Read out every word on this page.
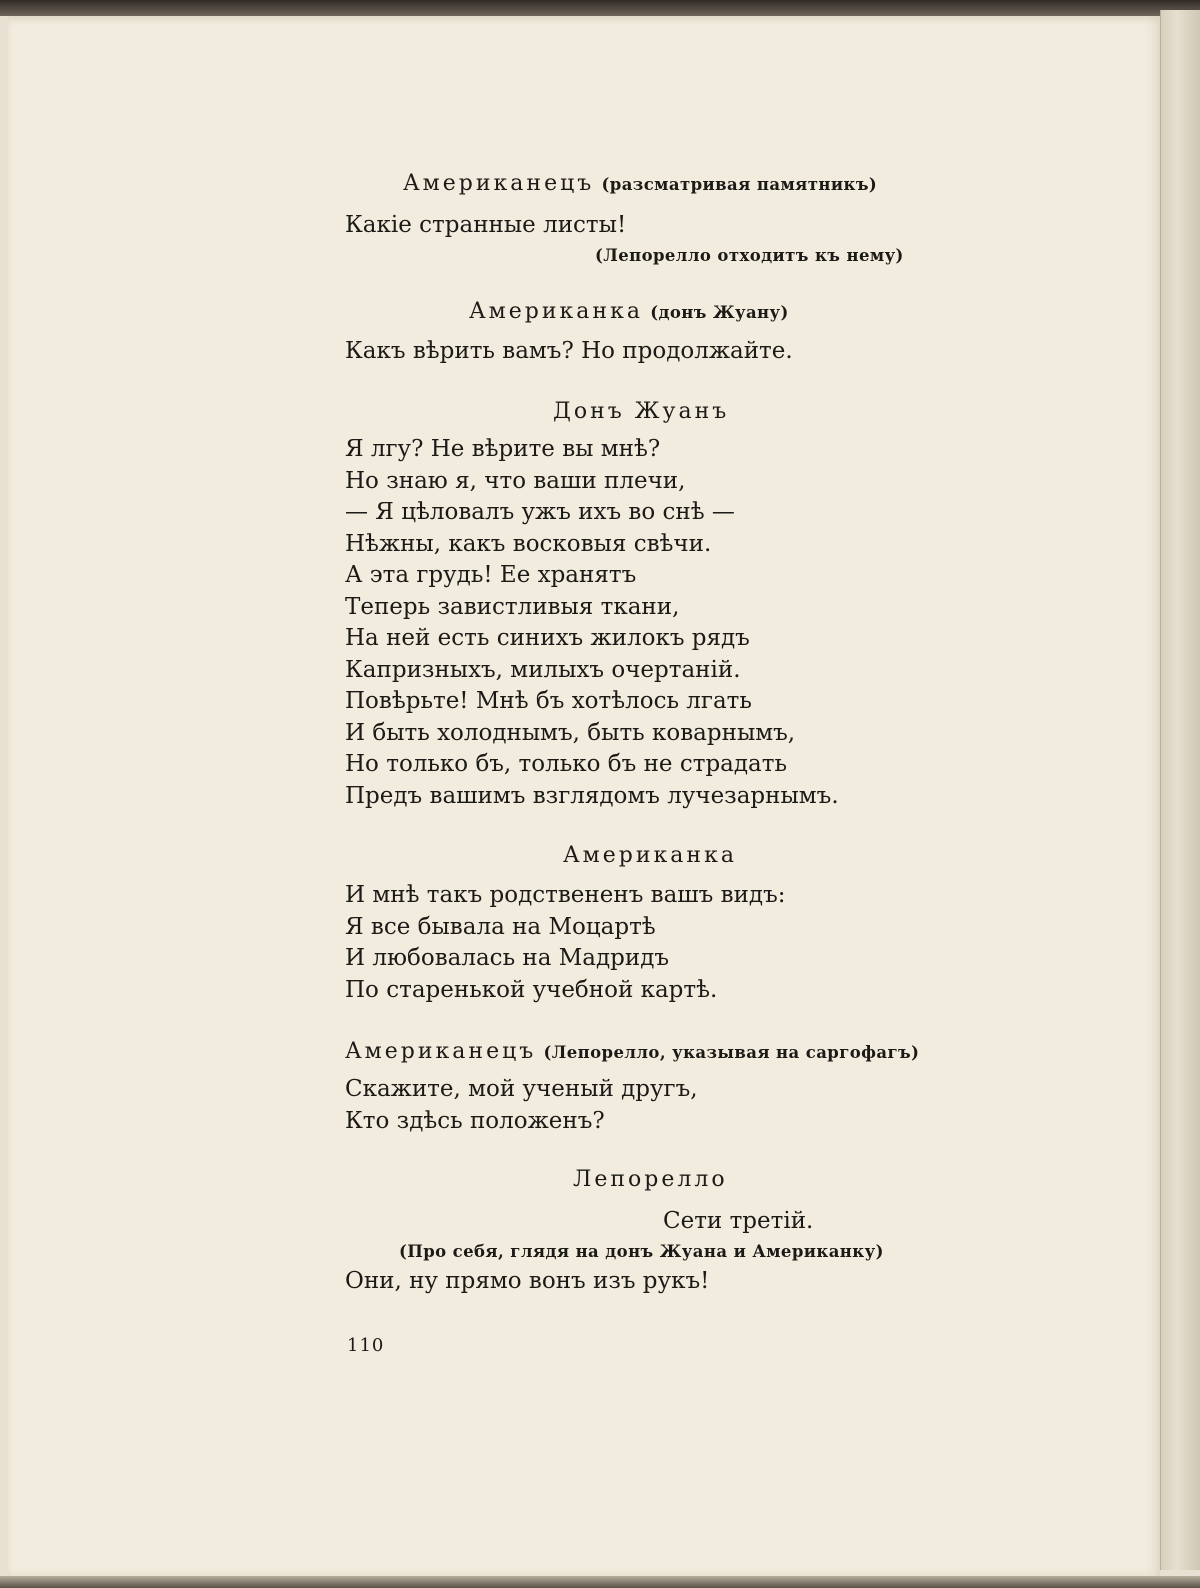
Американецъ (разсматривая памятникъ)
Какіе странные листы!
(Лепорелло отходитъ къ нему)
Американка (донъ Жуану)
Какъ вѣрить вамъ? Но продолжайте.
Донъ Жуанъ
Я лгу? Не вѣрите вы мнѣ?
Но знаю я, что ваши плечи,
— Я цѣловалъ ужъ ихъ во снѣ —
Нѣжны, какъ восковыя свѣчи.
А эта грудь! Ее хранятъ
Теперь завистливыя ткани,
На ней есть синихъ жилокъ рядъ
Капризныхъ, милыхъ очертаній.
Повѣрьте! Мнѣ бъ хотѣлось лгать
И быть холоднымъ, быть коварнымъ,
Но только бъ, только бъ не страдать
Предъ вашимъ взглядомъ лучезарнымъ.
Американка
И мнѣ такъ родствененъ вашъ видъ:
Я все бывала на Моцартѣ
И любовалась на Мадридъ
По старенькой учебной картѣ.
Американецъ (Лепорелло, указывая на саргофагъ)
Скажите, мой ученый другъ,
Кто здѣсь положенъ?
Лепорелло
Сети третій.
(Про себя, глядя на донъ Жуана и Американку)
Они, ну прямо вонъ изъ рукъ!
110
